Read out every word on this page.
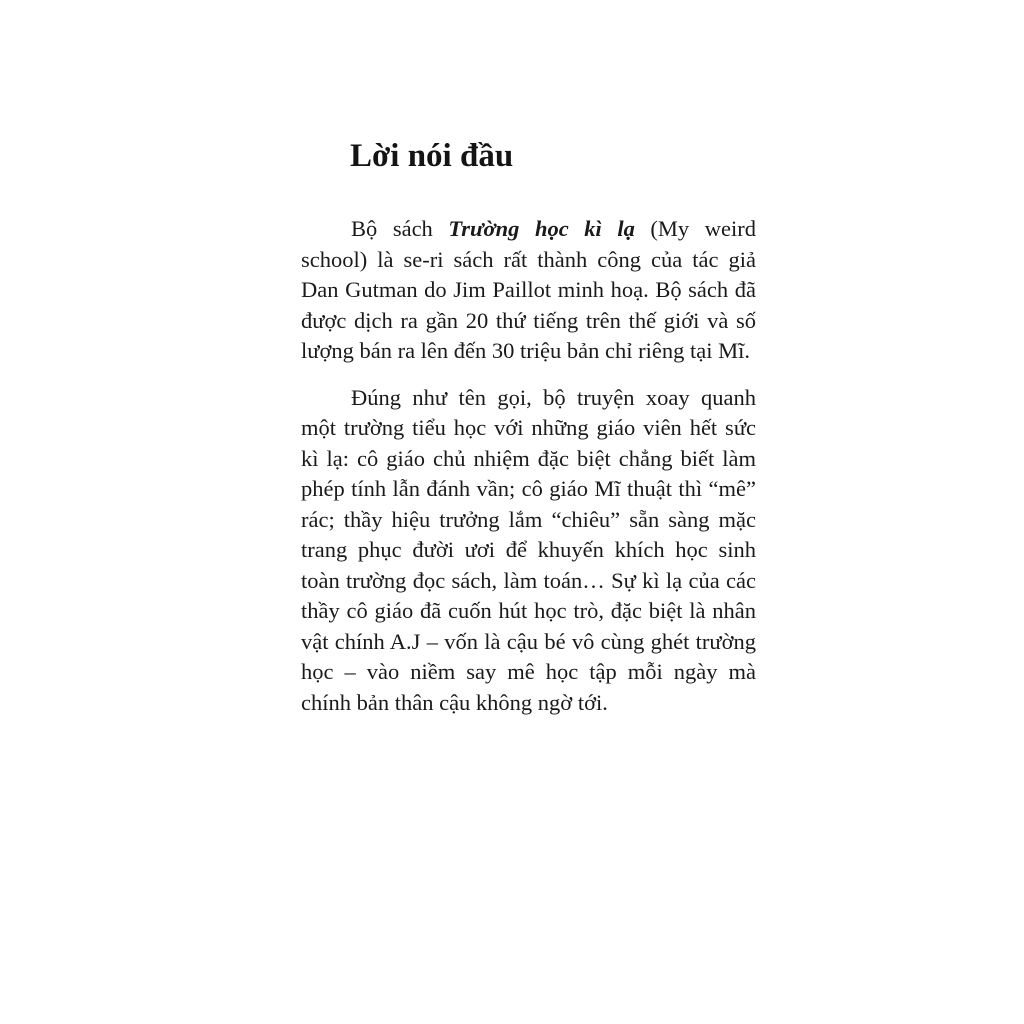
Lời nói đầu

Bộ sách Trường học kì lạ (My weird school) là se-ri sách rất thành công của tác giả Dan Gutman do Jim Paillot minh hoạ. Bộ sách đã được dịch ra gần 20 thứ tiếng trên thế giới và số lượng bán ra lên đến 30 triệu bản chỉ riêng tại Mĩ.

Đúng như tên gọi, bộ truyện xoay quanh một trường tiểu học với những giáo viên hết sức kì lạ: cô giáo chủ nhiệm đặc biệt chẳng biết làm phép tính lẫn đánh vần; cô giáo Mĩ thuật thì “mê” rác; thầy hiệu trưởng lắm “chiêu” sẵn sàng mặc trang phục đười ươi để khuyến khích học sinh toàn trường đọc sách, làm toán… Sự kì lạ của các thầy cô giáo đã cuốn hút học trò, đặc biệt là nhân vật chính A.J – vốn là cậu bé vô cùng ghét trường học – vào niềm say mê học tập mỗi ngày mà chính bản thân cậu không ngờ tới.
